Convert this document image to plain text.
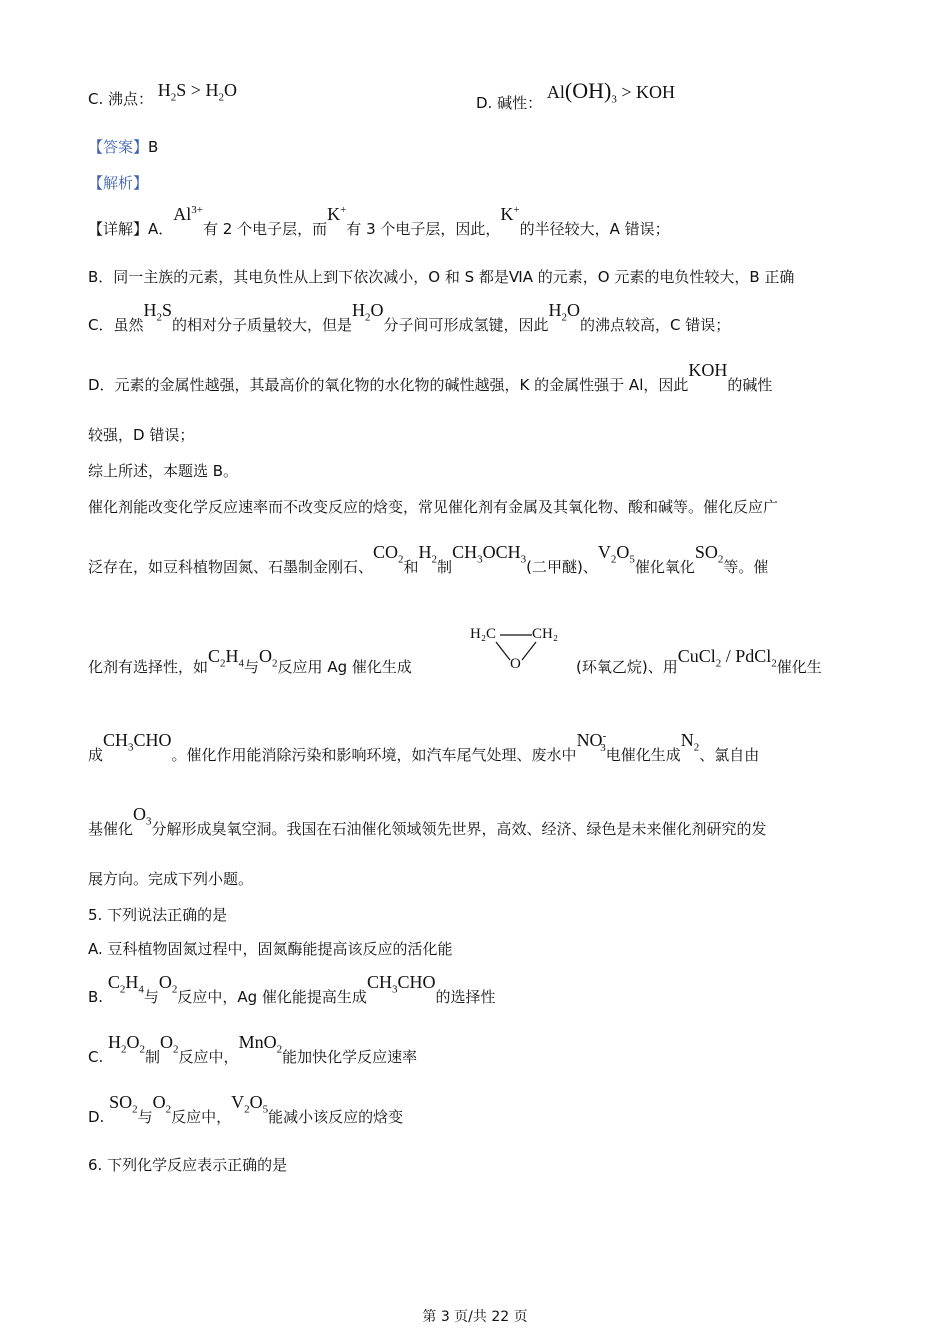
C. 沸点： $H_2S > H_2O$
D. 碱性： $Al(OH)_3$ > KOH
【答案】B
【解析】
【详解】A．$Al^{3+}$有 2 个电子层，而K+有 3 个电子层，因此，K+的半径较大，A 错误；
B．同一主族的元素，其电负性从上到下依次减小，O 和 S 都是ⅥA 的元素，O 元素的电负性较大，B 正确
C．虽然$H_2S$的相对分子质量较大，但是$H_2O$分子间可形成氢键，因此$H_2O$的沸点较高，C 错误；
D．元素的金属性越强，其最高价的氧化物的水化物的碱性越强，K 的金属性强于 Al，因此KOH的碱性
较强，D 错误；
综上所述，本题选 B。
催化剂能改变化学反应速率而不改变反应的焓变，常见催化剂有金属及其氧化物、酸和碱等。催化反应广
泛存在，如豆科植物固氮、石墨制金刚石、$CO_2$和$H_2$制$CH_3OCH_3$(二甲醚)、$V_2O_5$催化氧化$SO_2$等。催
化剂有选择性，如$C_2H_4$与$O_2$反应用 Ag 催化生成
H₂C CH₂
O	(环氧乙烷)、用CuCl$_2$ / PdCl$_2$催化生
成$CH_3CHO$。催化作用能消除污染和影响环境，如汽车尾气处理、废水中$NO^-_3$电催化生成$N_2$、氯自由
基催化$O_3$分解形成臭氧空洞。我国在石油催化领域领先世界，高效、经济、绿色是未来催化剂研究的发
展方向。完成下列小题。
5. 下列说法正确的是
A. 豆科植物固氮过程中，固氮酶能提高该反应的活化能
B. $C_2H_4$与$O_2$反应中，Ag 催化能提高生成$CH_3CHO$的选择性
C. $H_2O_2$制$O_2$反应中，MnO$_2$能加快化学反应速率
D. $SO_2$与$O_2$反应中，$V_2O_5$能减小该反应的焓变
6. 下列化学反应表示正确的是
第 3 页/共 22 页
